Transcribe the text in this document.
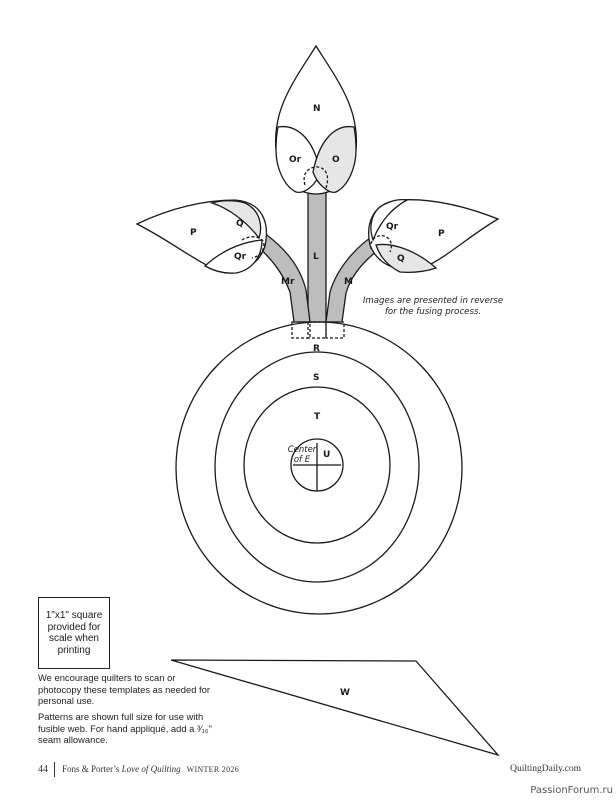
N
Or	O
L
P
Q
Qr
Mr
Qr
P
Q
M
R
S
T
U
Center
of E
W
Images are presented in reverse for the fusing process.
1"x1" square
provided for
scale when
printing

We encourage quilters to scan or photocopy these templates as needed for personal use.

Patterns are shown full size for use with fusible web. For hand appliqué, add a ³⁄₁₆" seam allowance.

44 Fons & Porter’s Love of Quilting WINTER 2026	QuiltingDaily.com
PassionForum.ru
